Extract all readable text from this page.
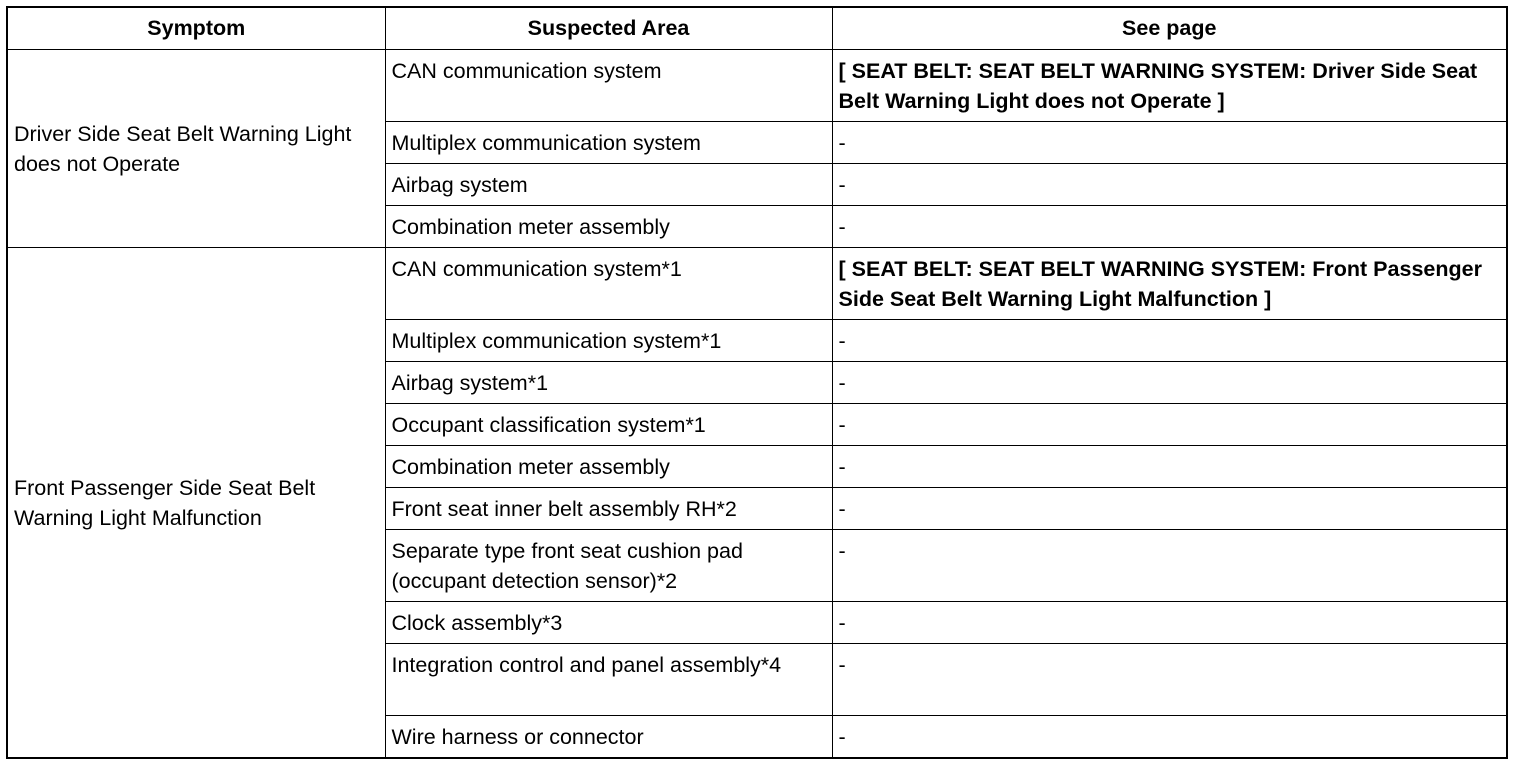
Symptom	Suspected Area	See page
Driver Side Seat Belt Warning Light does not Operate	CAN communication system	[ SEAT BELT: SEAT BELT WARNING SYSTEM: Driver Side Seat Belt Warning Light does not Operate ]
	Multiplex communication system	-
	Airbag system	-
	Combination meter assembly	-
Front Passenger Side Seat Belt Warning Light Malfunction	CAN communication system*1	[ SEAT BELT: SEAT BELT WARNING SYSTEM: Front Passenger Side Seat Belt Warning Light Malfunction ]
	Multiplex communication system*1	-
	Airbag system*1	-
	Occupant classification system*1	-
	Combination meter assembly	-
	Front seat inner belt assembly RH*2	-
	Separate type front seat cushion pad (occupant detection sensor)*2	-
	Clock assembly*3	-
	Integration control and panel assembly*4	-
	Wire harness or connector	-
